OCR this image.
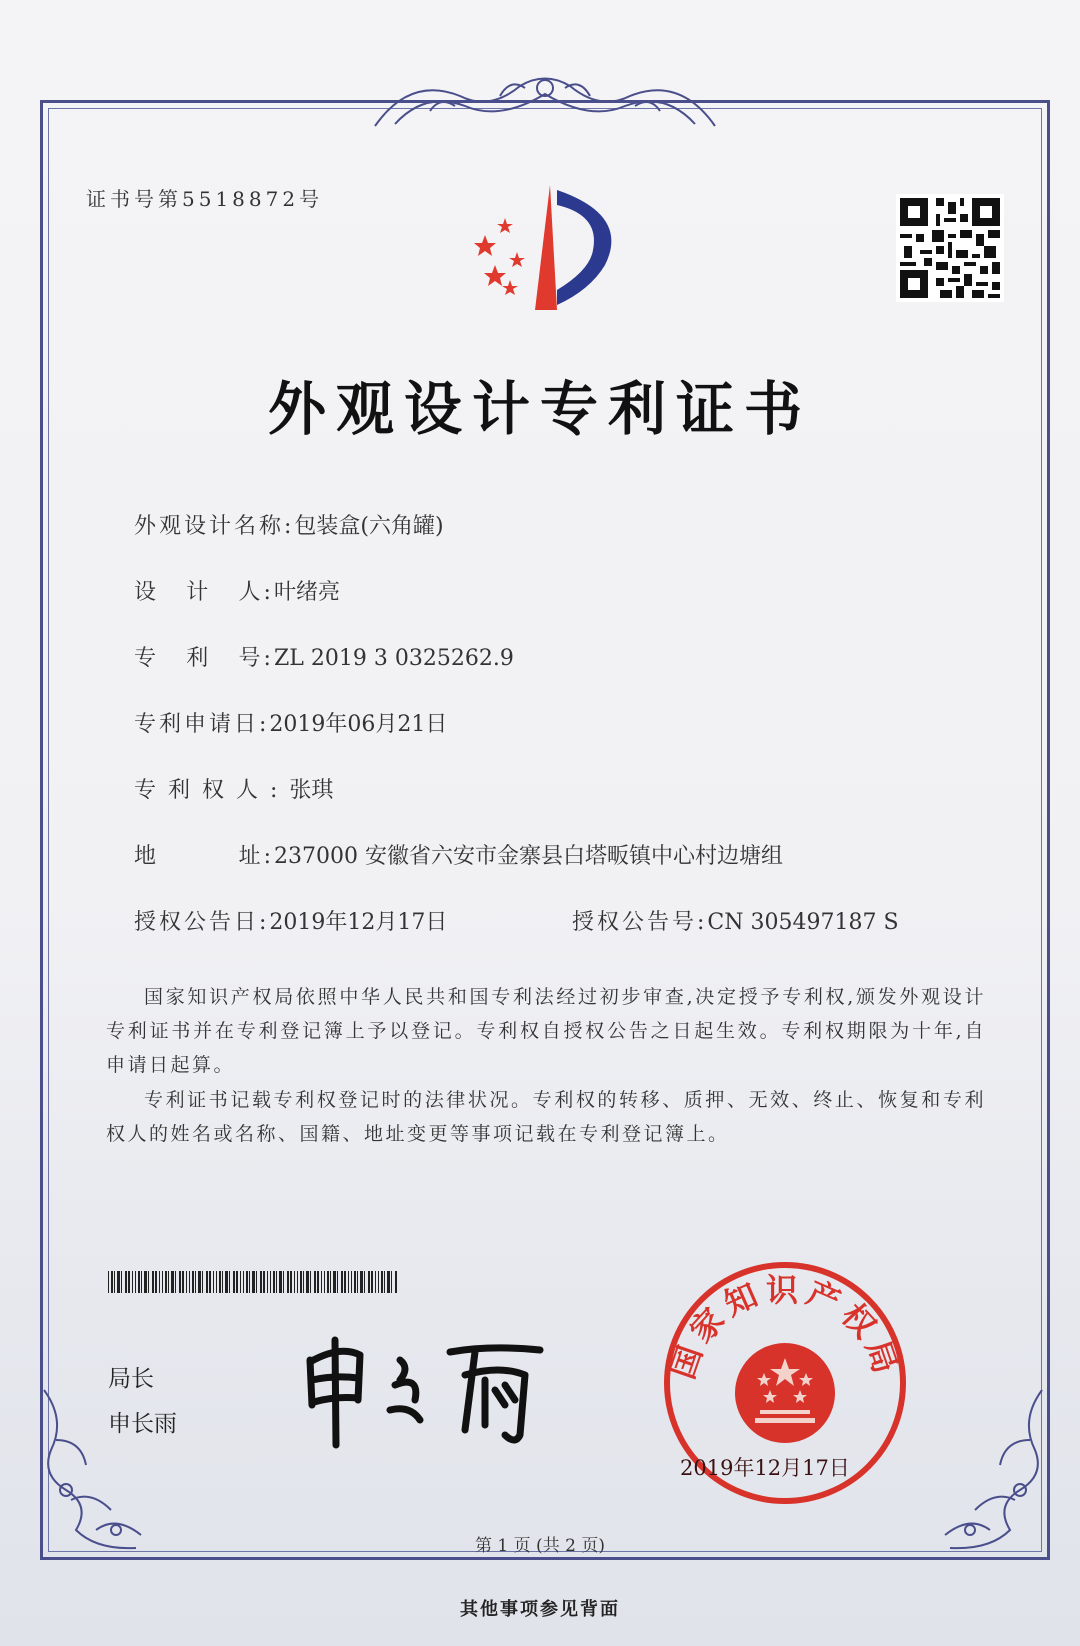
证书号第5518872号
外观设计专利证书

外观设计名称:包装盒(六角罐)

设 计 人: 叶绪亮

专 利 号: ZL 2019 3 0325262.9

专利申请日:2019年06月21日

专利权人:张琪

地	址: 237000 安徽省六安市金寨县白塔畈镇中心村边塘组

授权公告日:2019年12月17日
	授权公告号:CN 305497187 S

国家知识产权局依照中华人民共和国专利法经过初步审查,决定授予专利权,颁发外观设计专利证书并在专利登记簿上予以登记。专利权自授权公告之日起生效。专利权期限为十年,自申请日起算。
专利证书记载专利权登记时的法律状况。专利权的转移、质押、无效、终止、恢复和专利权人的姓名或名称、国籍、地址变更等事项记载在专利登记簿上。
局长
申长雨
国家知识产权局
2019年12月17日
第 1 页 (共 2 页)
其他事项参见背面
